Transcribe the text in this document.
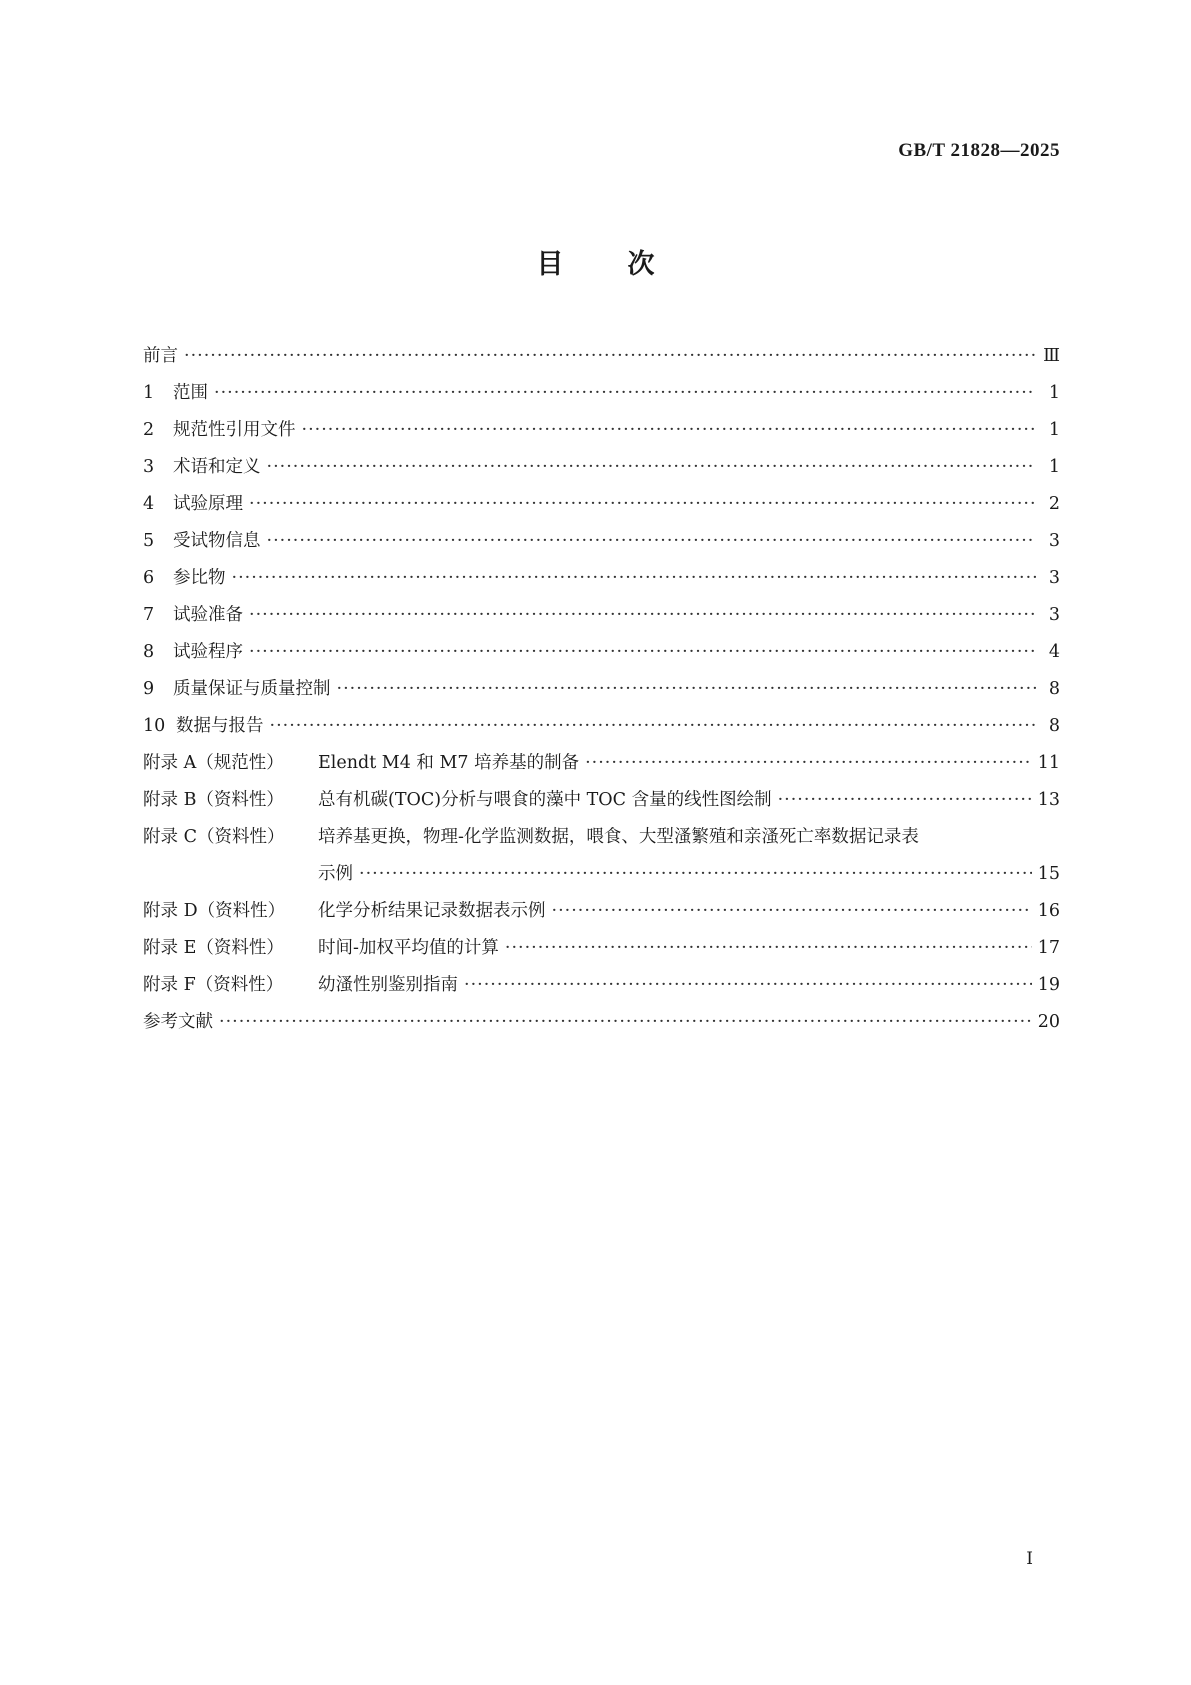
GB/T 21828—2025
目次
前言 ·····	Ⅲ
1 范围 ·····	1
2 规范性引用文件 ·····	1
3 术语和定义 ·····	1
4 试验原理 ·····	2
5 受试物信息 ·····	3
6 参比物 ·····	3
7 试验准备 ·····	3
8 试验程序 ·····	4
9 质量保证与质量控制 ·····	8
10 数据与报告 ·····	8
附录 A（规范性） Elendt M4 和 M7 培养基的制备 ·····	11
附录 B（资料性） 总有机碳(TOC)分析与喂食的藻中 TOC 含量的线性图绘制 ·····	13
附录 C（资料性） 培养基更换，物理-化学监测数据，喂食、大型溞繁殖和亲溞死亡率数据记录表
示例 ·····	15
附录 D（资料性） 化学分析结果记录数据表示例 ·····	16
附录 E（资料性） 时间-加权平均值的计算 ·····	17
附录 F（资料性） 幼溞性别鉴别指南 ·····	19
参考文献 ·····	20
Ⅰ
